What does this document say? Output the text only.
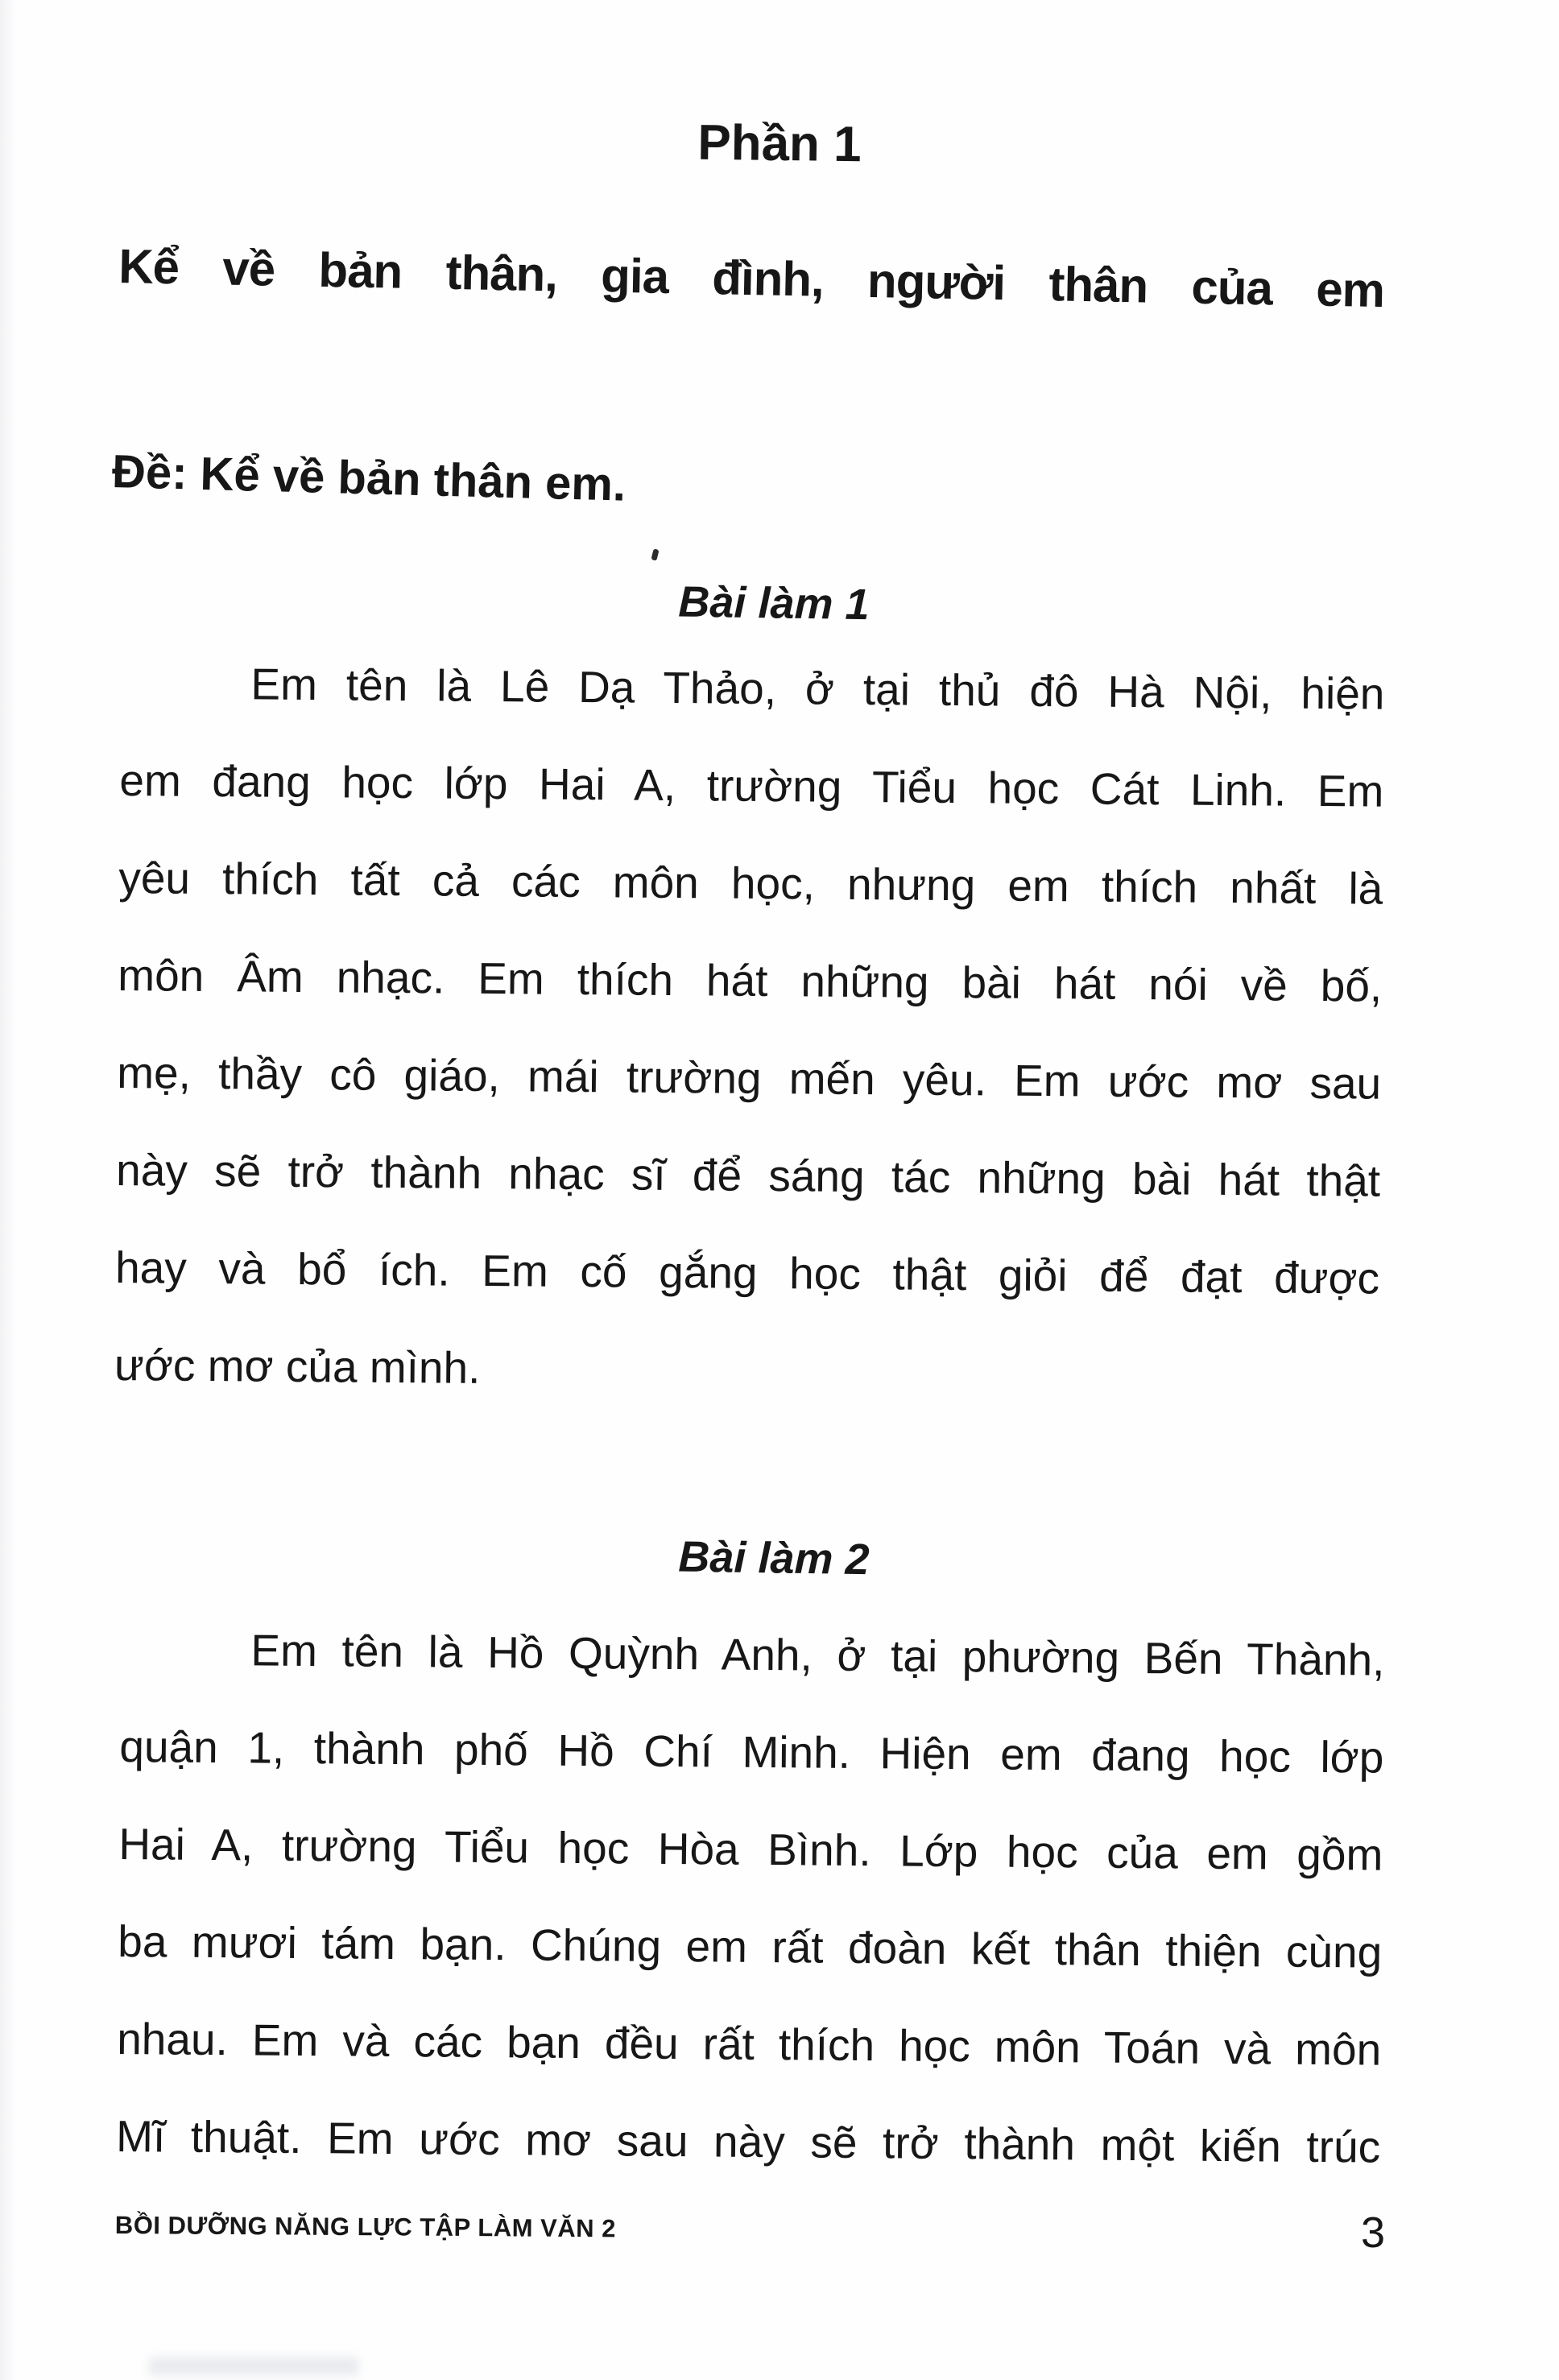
Phần 1
Kể về bản thân, gia đình, người thân của em
Đề: Kể về bản thân em.
Bài làm 1
Em tên là Lê Dạ Thảo, ở tại thủ đô Hà Nội, hiện
em đang học lớp Hai A, trường Tiểu học Cát Linh. Em
yêu thích tất cả các môn học, nhưng em thích nhất là
môn Âm nhạc. Em thích hát những bài hát nói về bố,
mẹ, thầy cô giáo, mái trường mến yêu. Em ước mơ sau
này sẽ trở thành nhạc sĩ để sáng tác những bài hát thật
hay và bổ ích. Em cố gắng học thật giỏi để đạt được
ước mơ của mình.
Bài làm 2
Em tên là Hồ Quỳnh Anh, ở tại phường Bến Thành,
quận 1, thành phố Hồ Chí Minh. Hiện em đang học lớp
Hai A, trường Tiểu học Hòa Bình. Lớp học của em gồm
ba mươi tám bạn. Chúng em rất đoàn kết thân thiện cùng
nhau. Em và các bạn đều rất thích học môn Toán và môn
Mĩ thuật. Em ước mơ sau này sẽ trở thành một kiến trúc
BỒI DƯỠNG NĂNG LỰC TẬP LÀM VĂN 2	3
